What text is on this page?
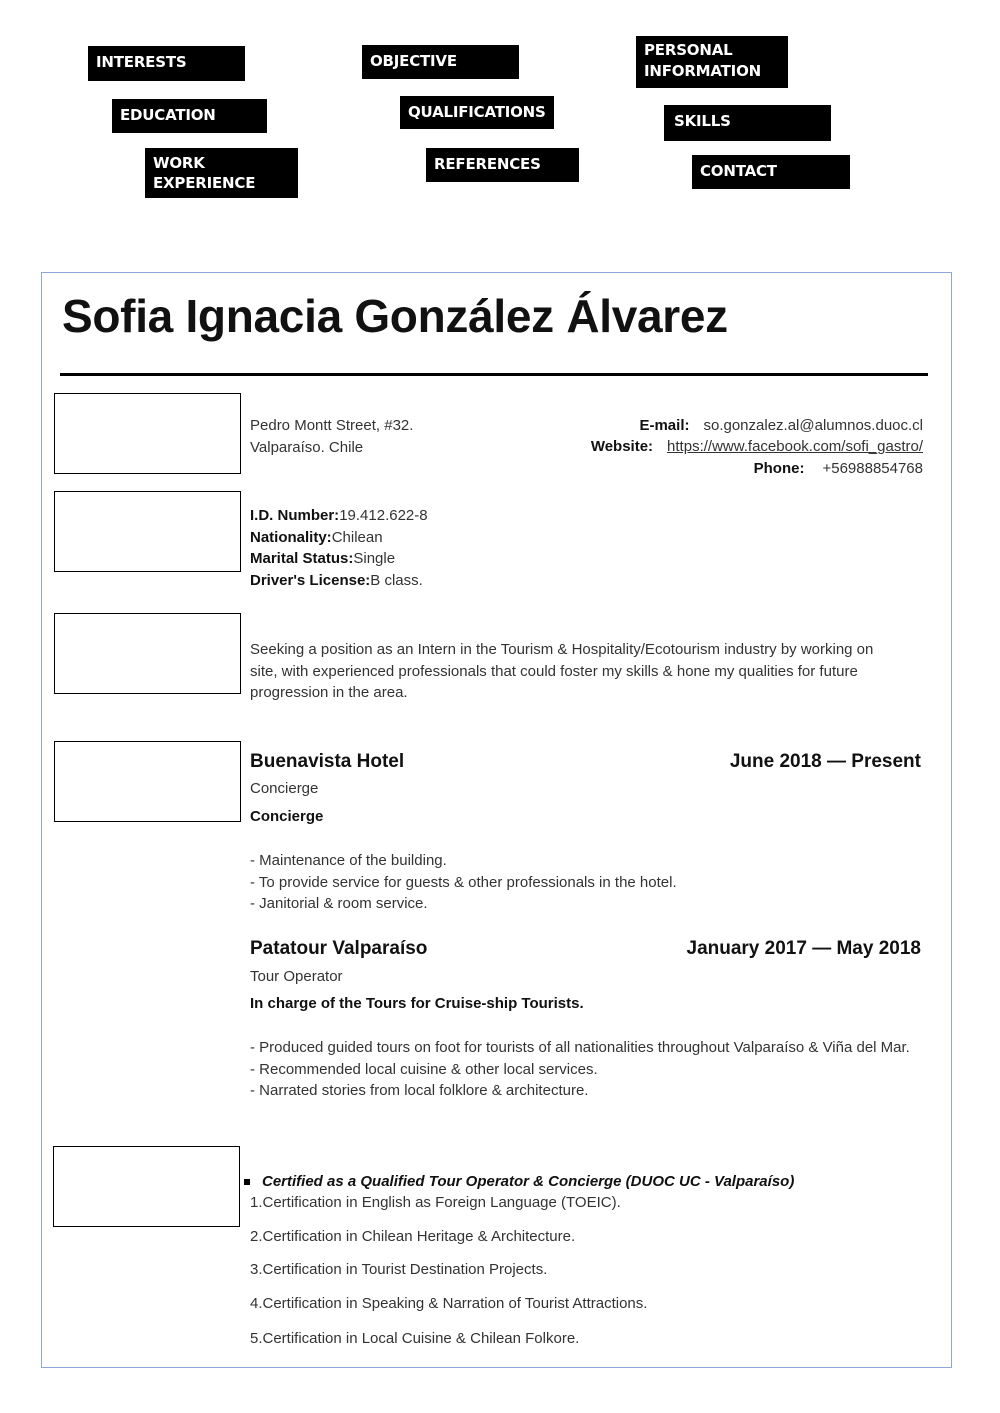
INTERESTS	OBJECTIVE
PERSONAL INFORMATION
EDUCATION	QUALIFICATIONS	SKILLS
WORK EXPERIENCE
REFERENCES	CONTACT
Sofia Ignacia González Álvarez
Pedro Montt Street, #32.
Valparaíso. Chile
E-mail: so.gonzalez.al@alumnos.duoc.cl
Website: https://www.facebook.com/sofi_gastro/
Phone: +56988854768
I.D. Number:19.412.622-8
Nationality:Chilean
Marital Status:Single
Driver's License:B class.
Seeking a position as an Intern in the Tourism & Hospitality/Ecotourism industry by working on site, with experienced professionals that could foster my skills & hone my qualities for future progression in the area.
Buenavista Hotel	June 2018 — Present
Concierge
Concierge
- Maintenance of the building.
- To provide service for guests & other professionals in the hotel.
- Janitorial & room service.
Patatour Valparaíso	January 2017 — May 2018
Tour Operator
In charge of the Tours for Cruise-ship Tourists.
- Produced guided tours on foot for tourists of all nationalities throughout Valparaíso & Viña del Mar.
- Recommended local cuisine & other local services.
- Narrated stories from local folklore & architecture.
Certified as a Qualified Tour Operator & Concierge (DUOC UC - Valparaíso)
1.Certification in English as Foreign Language (TOEIC).
2.Certification in Chilean Heritage & Architecture.
3.Certification in Tourist Destination Projects.
4.Certification in Speaking & Narration of Tourist Attractions.
5.Certification in Local Cuisine & Chilean Folkore.
